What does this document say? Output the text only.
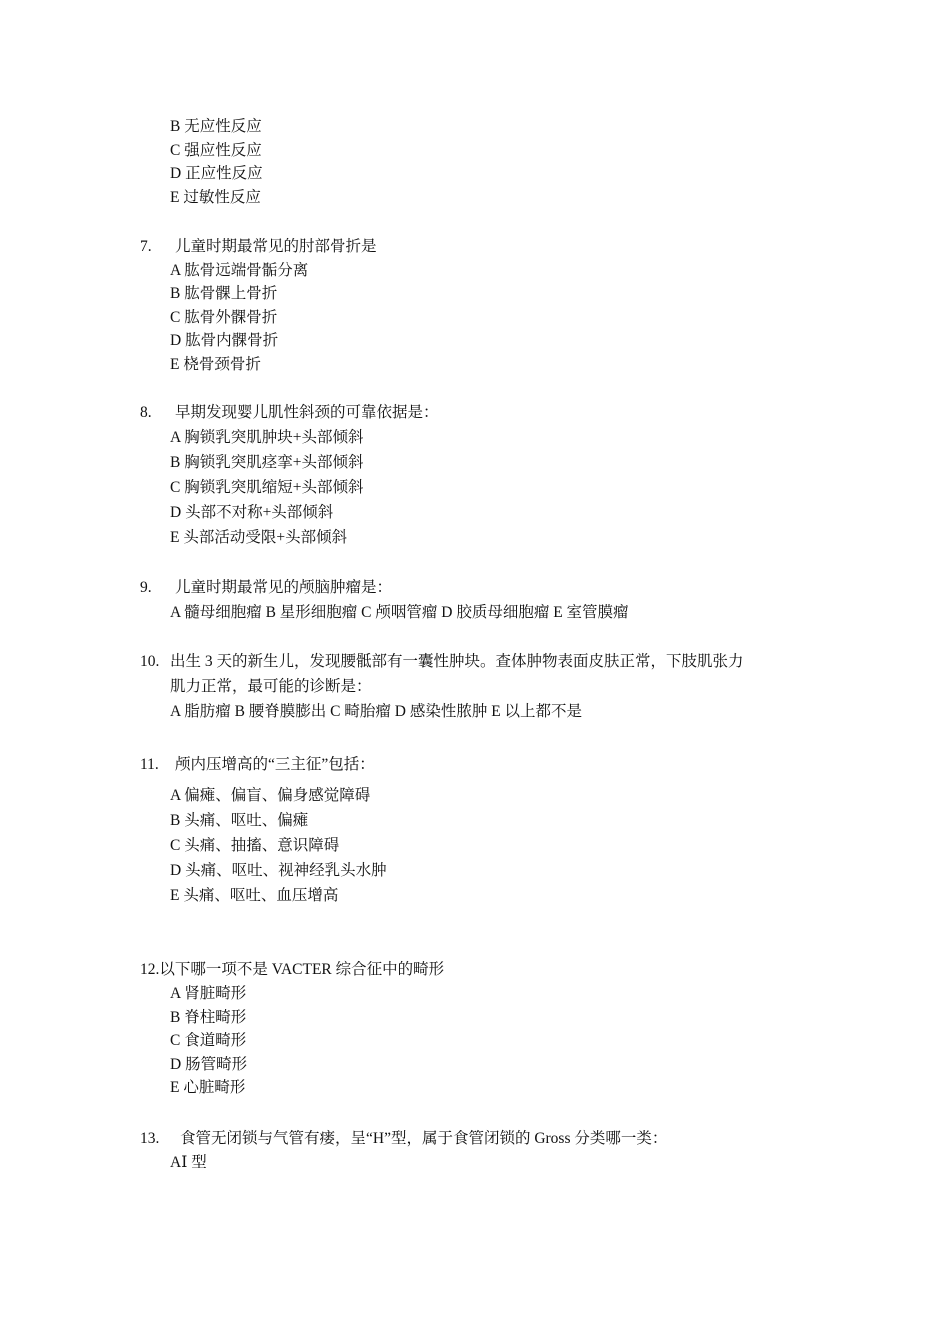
B 无应性反应
C 强应性反应
D 正应性反应
E 过敏性反应
7. 儿童时期最常见的肘部骨折是
A 肱骨远端骨骺分离
B 肱骨髁上骨折
C 肱骨外髁骨折
D 肱骨内髁骨折
E 桡骨颈骨折
8. 早期发现婴儿肌性斜颈的可靠依据是：
A 胸锁乳突肌肿块+头部倾斜
B 胸锁乳突肌痉挛+头部倾斜
C 胸锁乳突肌缩短+头部倾斜
D 头部不对称+头部倾斜
E 头部活动受限+头部倾斜
9. 儿童时期最常见的颅脑肿瘤是：
A 髓母细胞瘤 B 星形细胞瘤 C 颅咽管瘤 D 胶质母细胞瘤 E 室管膜瘤
10. 出生 3 天的新生儿，发现腰骶部有一囊性肿块。查体肿物表面皮肤正常，下肢肌张力
肌力正常，最可能的诊断是：
A 脂肪瘤 B 腰脊膜膨出 C 畸胎瘤 D 感染性脓肿 E 以上都不是
11. 颅内压增高的“三主征”包括：
A 偏瘫、偏盲、偏身感觉障碍
B 头痛、呕吐、偏瘫
C 头痛、抽搐、意识障碍
D 头痛、呕吐、视神经乳头水肿
E 头痛、呕吐、血压增高
12.以下哪一项不是 VACTER 综合征中的畸形
A 肾脏畸形
B 脊柱畸形
C 食道畸形
D 肠管畸形
E 心脏畸形
13. 食管无闭锁与气管有瘘，呈“H”型，属于食管闭锁的 Gross 分类哪一类：
AⅠ 型
